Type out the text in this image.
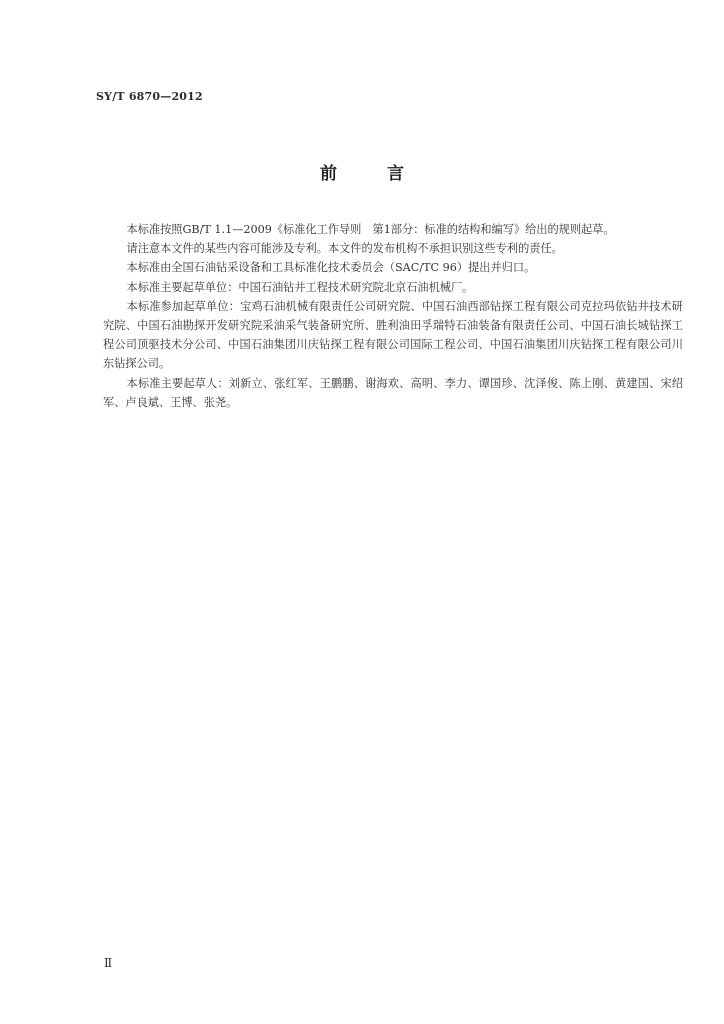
SY/T 6870—2012
前 言

本标准按照GB/T 1.1—2009《标准化工作导则　第1部分：标准的结构和编写》给出的规则起草。

请注意本文件的某些内容可能涉及专利。本文件的发布机构不承担识别这些专利的责任。

本标准由全国石油钻采设备和工具标准化技术委员会（SAC/TC 96）提出并归口。

本标准主要起草单位：中国石油钻井工程技术研究院北京石油机械厂。

本标准参加起草单位：宝鸡石油机械有限责任公司研究院、中国石油西部钻探工程有限公司克拉玛依钻井技术研究院、中国石油勘探开发研究院采油采气装备研究所、胜利油田孚瑞特石油装备有限责任公司、中国石油长城钻探工程公司顶驱技术分公司、中国石油集团川庆钻探工程有限公司国际工程公司、中国石油集团川庆钻探工程有限公司川东钻探公司。

本标准主要起草人：刘新立、张红军、王鹏鹏、谢海欢、高明、李力、谭国珍、沈泽俊、陈上刚、黄建国、宋绍军、卢良斌、王博、张尧。

Ⅱ
